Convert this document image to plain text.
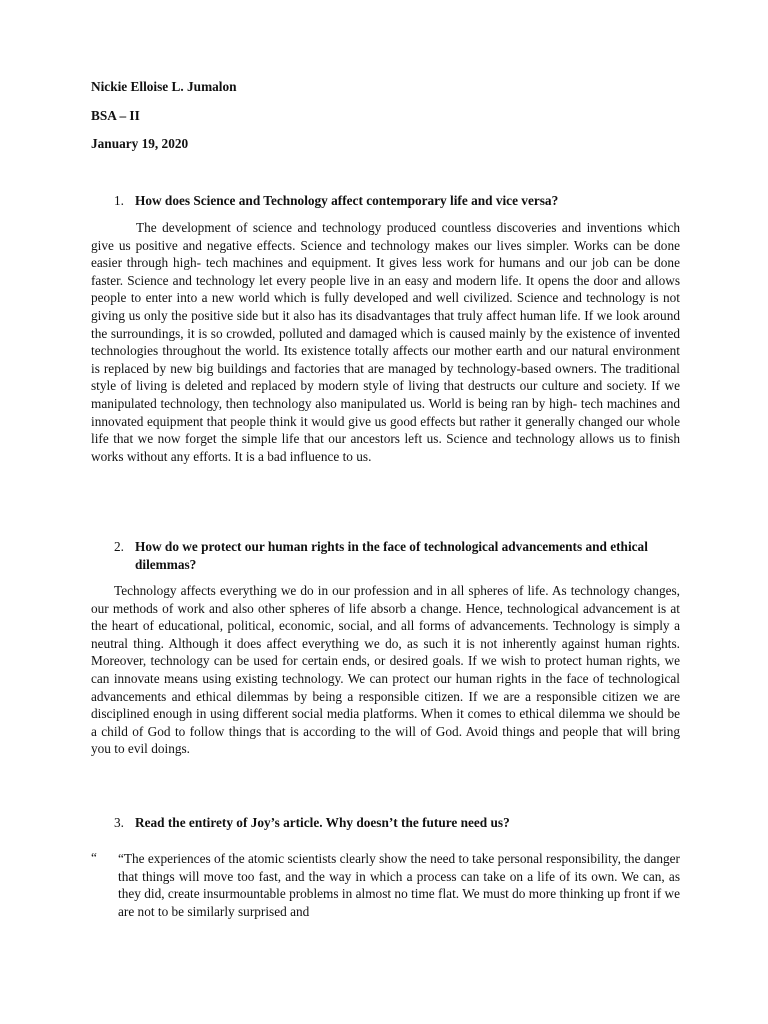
Nickie Elloise L. Jumalon
BSA – II
January 19, 2020
1. How does Science and Technology affect contemporary life and vice versa?
The development of science and technology produced countless discoveries and inventions which give us positive and negative effects. Science and technology makes our lives simpler. Works can be done easier through high- tech machines and equipment. It gives less work for humans and our job can be done faster. Science and technology let every people live in an easy and modern life. It opens the door and allows people to enter into a new world which is fully developed and well civilized. Science and technology is not giving us only the positive side but it also has its disadvantages that truly affect human life. If we look around the surroundings, it is so crowded, polluted and damaged which is caused mainly by the existence of invented technologies throughout the world. Its existence totally affects our mother earth and our natural environment is replaced by new big buildings and factories that are managed by technology-based owners. The traditional style of living is deleted and replaced by modern style of living that destructs our culture and society. If we manipulated technology, then technology also manipulated us. World is being ran by high- tech machines and innovated equipment that people think it would give us good effects but rather it generally changed our whole life that we now forget the simple life that our ancestors left us. Science and technology allows us to finish works without any efforts. It is a bad influence to us.
2. How do we protect our human rights in the face of technological advancements and ethical dilemmas?
Technology affects everything we do in our profession and in all spheres of life. As technology changes, our methods of work and also other spheres of life absorb a change. Hence, technological advancement is at the heart of educational, political, economic, social, and all forms of advancements. Technology is simply a neutral thing. Although it does affect everything we do, as such it is not inherently against human rights. Moreover, technology can be used for certain ends, or desired goals. If we wish to protect human rights, we can innovate means using existing technology. We can protect our human rights in the face of technological advancements and ethical dilemmas by being a responsible citizen. If we are a responsible citizen we are disciplined enough in using different social media platforms. When it comes to ethical dilemma we should be a child of God to follow things that is according to the will of God. Avoid things and people that will bring you to evil doings.
3. Read the entirety of Joy’s article. Why doesn’t the future need us?
“ “The experiences of the atomic scientists clearly show the need to take personal responsibility, the danger that things will move too fast, and the way in which a process can take on a life of its own. We can, as they did, create insurmountable problems in almost no time flat. We must do more thinking up front if we are not to be similarly surprised and
